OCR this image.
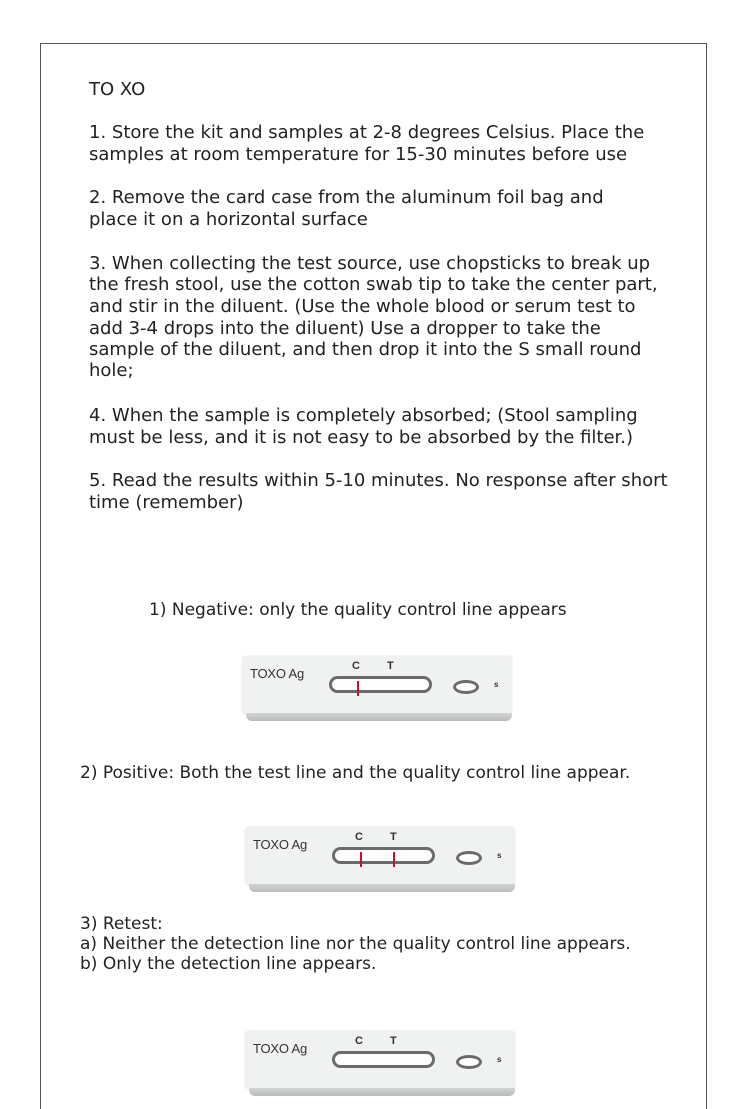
TO XO

1. Store the kit and samples at 2-8 degrees Celsius. Place the

samples at room temperature for 15-30 minutes before use

2. Remove the card case from the aluminum foil bag and

place it on a horizontal surface

3. When collecting the test source, use chopsticks to break up

the fresh stool, use the cotton swab tip to take the center part,

and stir in the diluent. (Use the whole blood or serum test to

add 3-4 drops into the diluent) Use a dropper to take the

sample of the diluent, and then drop it into the S small round

hole;

4. When the sample is completely absorbed; (Stool sampling

must be less, and it is not easy to be absorbed by the filter.)

5. Read the results within 5-10 minutes. No response after short

time (remember)

1) Negative: only the quality control line appears

TOXO Ag	C T
s

2) Positive: Both the test line and the quality control line appear.

TOXO Ag	C T
s

3) Retest:

a) Neither the detection line nor the quality control line appears.

b) Only the detection line appears.

TOXO Ag	C T
s
